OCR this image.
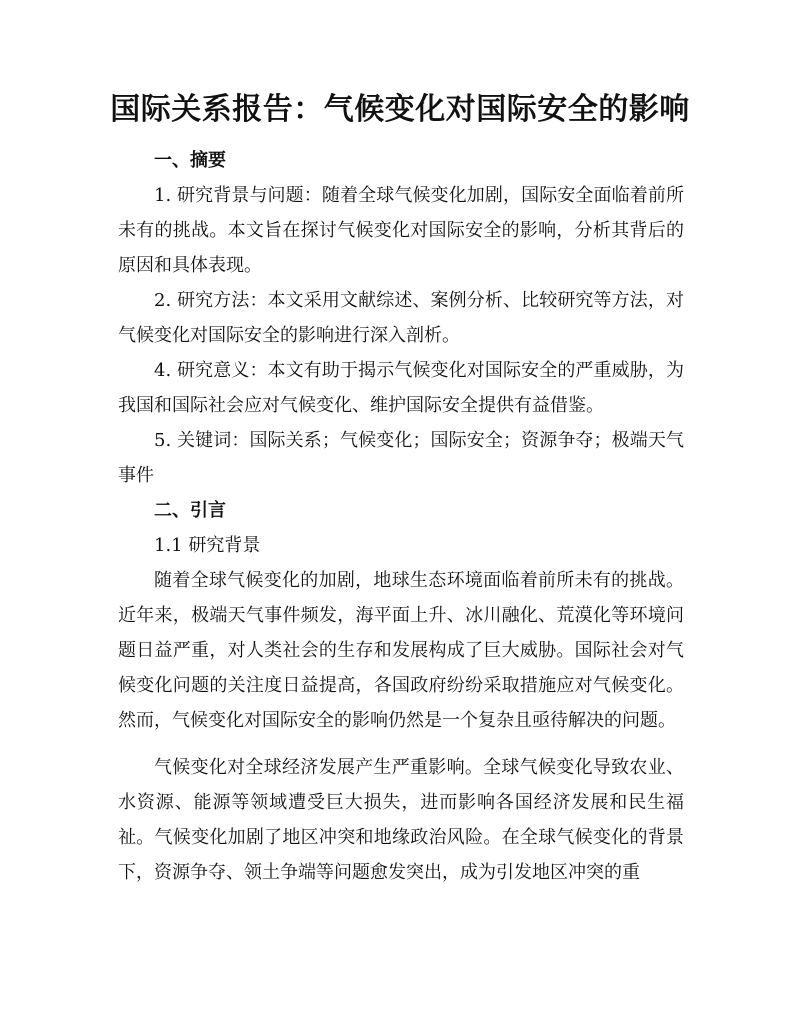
国际关系报告：气候变化对国际安全的影响

一、摘要

1. 研究背景与问题：随着全球气候变化加剧，国际安全面临着前所未有的挑战。本文旨在探讨气候变化对国际安全的影响，分析其背后的原因和具体表现。

2. 研究方法：本文采用文献综述、案例分析、比较研究等方法，对气候变化对国际安全的影响进行深入剖析。

4. 研究意义：本文有助于揭示气候变化对国际安全的严重威胁，为我国和国际社会应对气候变化、维护国际安全提供有益借鉴。

5. 关键词：国际关系；气候变化；国际安全；资源争夺；极端天气事件

二、引言

1.1 研究背景

随着全球气候变化的加剧，地球生态环境面临着前所未有的挑战。近年来，极端天气事件频发，海平面上升、冰川融化、荒漠化等环境问题日益严重，对人类社会的生存和发展构成了巨大威胁。国际社会对气候变化问题的关注度日益提高，各国政府纷纷采取措施应对气候变化。然而，气候变化对国际安全的影响仍然是一个复杂且亟待解决的问题。

气候变化对全球经济发展产生严重影响。全球气候变化导致农业、水资源、能源等领域遭受巨大损失，进而影响各国经济发展和民生福祉。气候变化加剧了地区冲突和地缘政治风险。在全球气候变化的背景下，资源争夺、领土争端等问题愈发突出，成为引发地区冲突的重
